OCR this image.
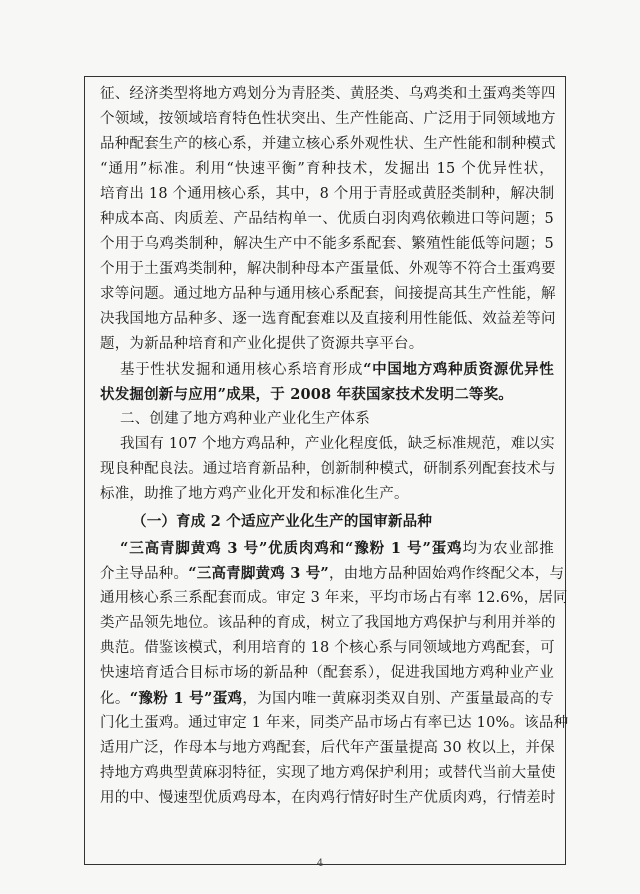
征、经济类型将地方鸡划分为青胫类、黄胫类、乌鸡类和土蛋鸡类等四
个领域，按领域培育特色性状突出、生产性能高、广泛用于同领域地方
品种配套生产的核心系，并建立核心系外观性状、生产性能和制种模式
“通用”标准。利用“快速平衡”育种技术，发掘出 15 个优异性状，
培育出 18 个通用核心系，其中，8 个用于青胫或黄胫类制种，解决制
种成本高、肉质差、产品结构单一、优质白羽肉鸡依赖进口等问题；5
个用于乌鸡类制种，解决生产中不能多系配套、繁殖性能低等问题；5
个用于土蛋鸡类制种，解决制种母本产蛋量低、外观等不符合土蛋鸡要
求等问题。通过地方品种与通用核心系配套，间接提高其生产性能，解
决我国地方品种多、逐一选育配套难以及直接利用性能低、效益差等问
题，为新品种培育和产业化提供了资源共享平台。
基于性状发掘和通用核心系培育形成“中国地方鸡种质资源优异性
状发掘创新与应用”成果，于 2008 年获国家技术发明二等奖。
二、创建了地方鸡种业产业化生产体系
我国有 107 个地方鸡品种，产业化程度低，缺乏标准规范，难以实
现良种配良法。通过培育新品种，创新制种模式，研制系列配套技术与
标准，助推了地方鸡产业化开发和标准化生产。
（一）育成 2 个适应产业化生产的国审新品种
“三高青脚黄鸡 3 号”优质肉鸡和“豫粉 1 号”蛋鸡均为农业部推
介主导品种。“三高青脚黄鸡 3 号”，由地方品种固始鸡作终配父本，与
通用核心系三系配套而成。审定 3 年来，平均市场占有率 12.6%，居同
类产品领先地位。该品种的育成，树立了我国地方鸡保护与利用并举的
典范。借鉴该模式，利用培育的 18 个核心系与同领域地方鸡配套，可
快速培育适合目标市场的新品种（配套系），促进我国地方鸡种业产业
化。“豫粉 1 号”蛋鸡，为国内唯一黄麻羽类双自别、产蛋量最高的专
门化土蛋鸡。通过审定 1 年来，同类产品市场占有率已达 10%。该品种
适用广泛，作母本与地方鸡配套，后代年产蛋量提高 30 枚以上，并保
持地方鸡典型黄麻羽特征，实现了地方鸡保护利用；或替代当前大量使
用的中、慢速型优质鸡母本，在肉鸡行情好时生产优质肉鸡，行情差时
4
